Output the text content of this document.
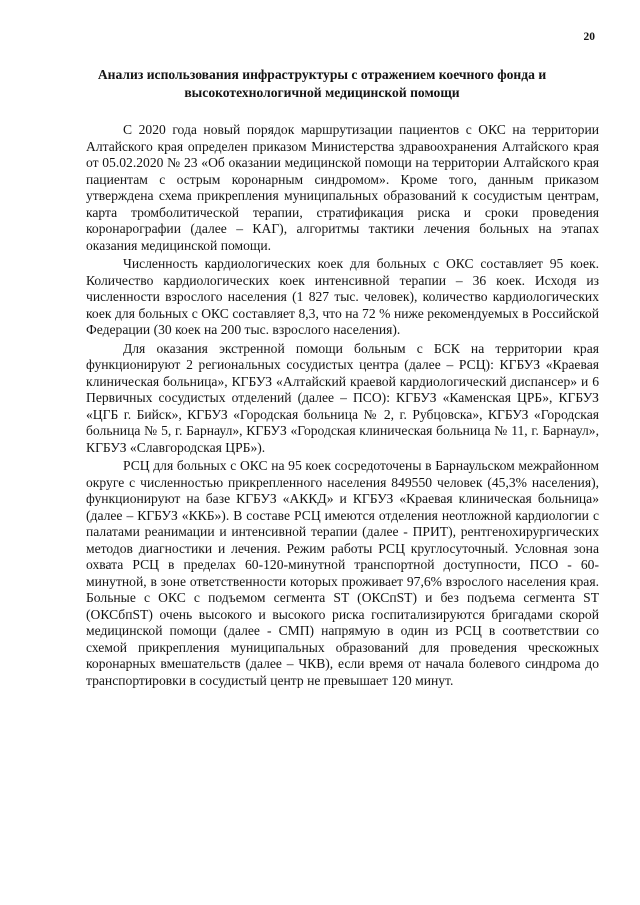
20
Анализ использования инфраструктуры с отражением коечного фонда и высокотехнологичной медицинской помощи

С 2020 года новый порядок маршрутизации пациентов с ОКС на территории Алтайского края определен приказом Министерства здравоохранения Алтайского края от 05.02.2020 № 23 «Об оказании медицинской помощи на территории Алтайского края пациентам с острым коронарным синдромом». Кроме того, данным приказом утверждена схема прикрепления муниципальных образований к сосудистым центрам, карта тромболитической терапии, стратификация риска и сроки проведения коронарографии (далее – КАГ), алгоритмы тактики лечения больных на этапах оказания медицинской помощи.

Численность кардиологических коек для больных с ОКС составляет 95 коек. Количество кардиологических коек интенсивной терапии – 36 коек. Исходя из численности взрослого населения (1 827 тыс. человек), количество кардиологических коек для больных с ОКС составляет 8,3, что на 72 % ниже рекомендуемых в Российской Федерации (30 коек на 200 тыс. взрослого населения).

Для оказания экстренной помощи больным с БСК на территории края функционируют 2 региональных сосудистых центра (далее – РСЦ): КГБУЗ «Краевая клиническая больница», КГБУЗ «Алтайский краевой кардиологический диспансер» и 6 Первичных сосудистых отделений (далее – ПСО): КГБУЗ «Каменская ЦРБ», КГБУЗ «ЦГБ г. Бийск», КГБУЗ «Городская больница № 2, г. Рубцовска», КГБУЗ «Городская больница № 5, г. Барнаул», КГБУЗ «Городская клиническая больница № 11, г. Барнаул», КГБУЗ «Славгородская ЦРБ»).

РСЦ для больных с ОКС на 95 коек сосредоточены в Барнаульском межрайонном округе с численностью прикрепленного населения 849550 человек (45,3% населения), функционируют на базе КГБУЗ «АККД» и КГБУЗ «Краевая клиническая больница» (далее – КГБУЗ «ККБ»). В составе РСЦ имеются отделения неотложной кардиологии с палатами реанимации и интенсивной терапии (далее - ПРИТ), рентгенохирургических методов диагностики и лечения. Режим работы РСЦ круглосуточный. Условная зона охвата РСЦ в пределах 60-120-минутной транспортной доступности, ПСО - 60-минутной, в зоне ответственности которых проживает 97,6% взрослого населения края. Больные с ОКС с подъемом сегмента ST (ОКСпST) и без подъема сегмента ST (ОКСбпST) очень высокого и высокого риска госпитализируются бригадами скорой медицинской помощи (далее - СМП) напрямую в один из РСЦ в соответствии со схемой прикрепления муниципальных образований для проведения чрескожных коронарных вмешательств (далее – ЧКВ), если время от начала болевого синдрома до транспортировки в сосудистый центр не превышает 120 минут.
